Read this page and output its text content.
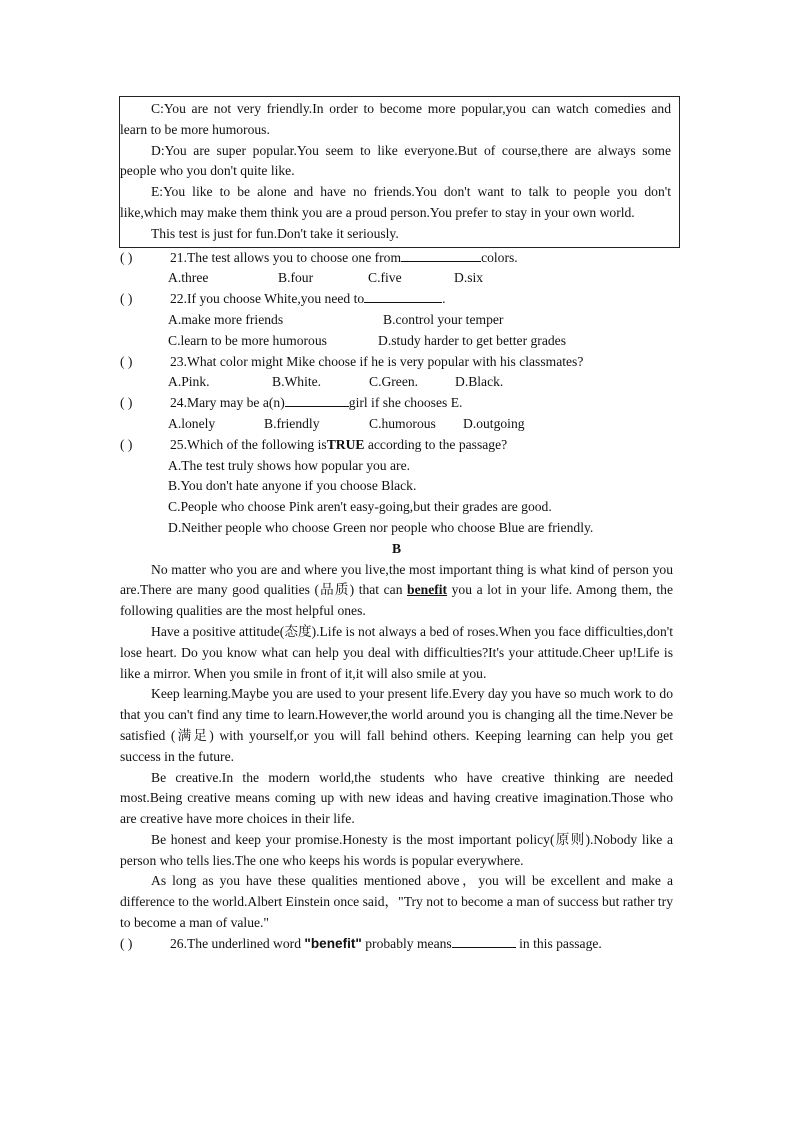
C:You are not very friendly.In order to become more popular,you can watch comedies and learn to be more humorous.

D:You are super popular.You seem to like everyone.But of course,there are always some people who you don't quite like.

E:You like to be alone and have no friends.You don't want to talk to people you don't like,which may make them think you are a proud person.You prefer to stay in your own world.

This test is just for fun.Don't take it seriously.

( )	21.The test allows you to choose one from	colors.
A.three	B.four	C.five	D.six
( )	22.If you choose White,you need to	.
A.make more friends	B.control your temper
C.learn to be more humorous	D.study harder to get better grades
( )	23.What color might Mike choose if he is very popular with his classmates?
A.Pink.	B.White.	C.Green.	D.Black.
( )	24.Mary may be a(n)	girl if she chooses E.
A.lonely	B.friendly	C.humorous D.outgoing
( )	25.Which of the following is TRUE according to the passage?
A.The test truly shows how popular you are.
B.You don't hate anyone if you choose Black.
C.People who choose Pink aren't easy-going,but their grades are good.
D.Neither people who choose Green nor people who choose Blue are friendly.
B

No matter who you are and where you live,the most important thing is what kind of person you are.There are many good qualities (品质) that can benefit you a lot in your life. Among them, the following qualities are the most helpful ones.

Have a positive attitude(态度).Life is not always a bed of roses.When you face difficulties,don't lose heart. Do you know what can help you deal with difficulties?It's your attitude.Cheer up!Life is like a mirror. When you smile in front of it,it will also smile at you.

Keep learning.Maybe you are used to your present life.Every day you have so much work to do that you can't find any time to learn.However,the world around you is changing all the time.Never be satisfied (满足) with yourself,or you will fall behind others. Keeping learning can help you get success in the future.

Be creative.In the modern world,the students who have creative thinking are needed most.Being creative means coming up with new ideas and having creative imagination.Those who are creative have more choices in their life.

Be honest and keep your promise.Honesty is the most important policy(原则).Nobody like a person who tells lies.The one who keeps his words is popular everywhere.

As long as you have these qualities mentioned above，you will be excellent and make a difference to the world.Albert Einstein once said，"Try not to become a man of success but rather try to become a man of value."

( )	26.The underlined word "benefit" probably means	in this passage.
